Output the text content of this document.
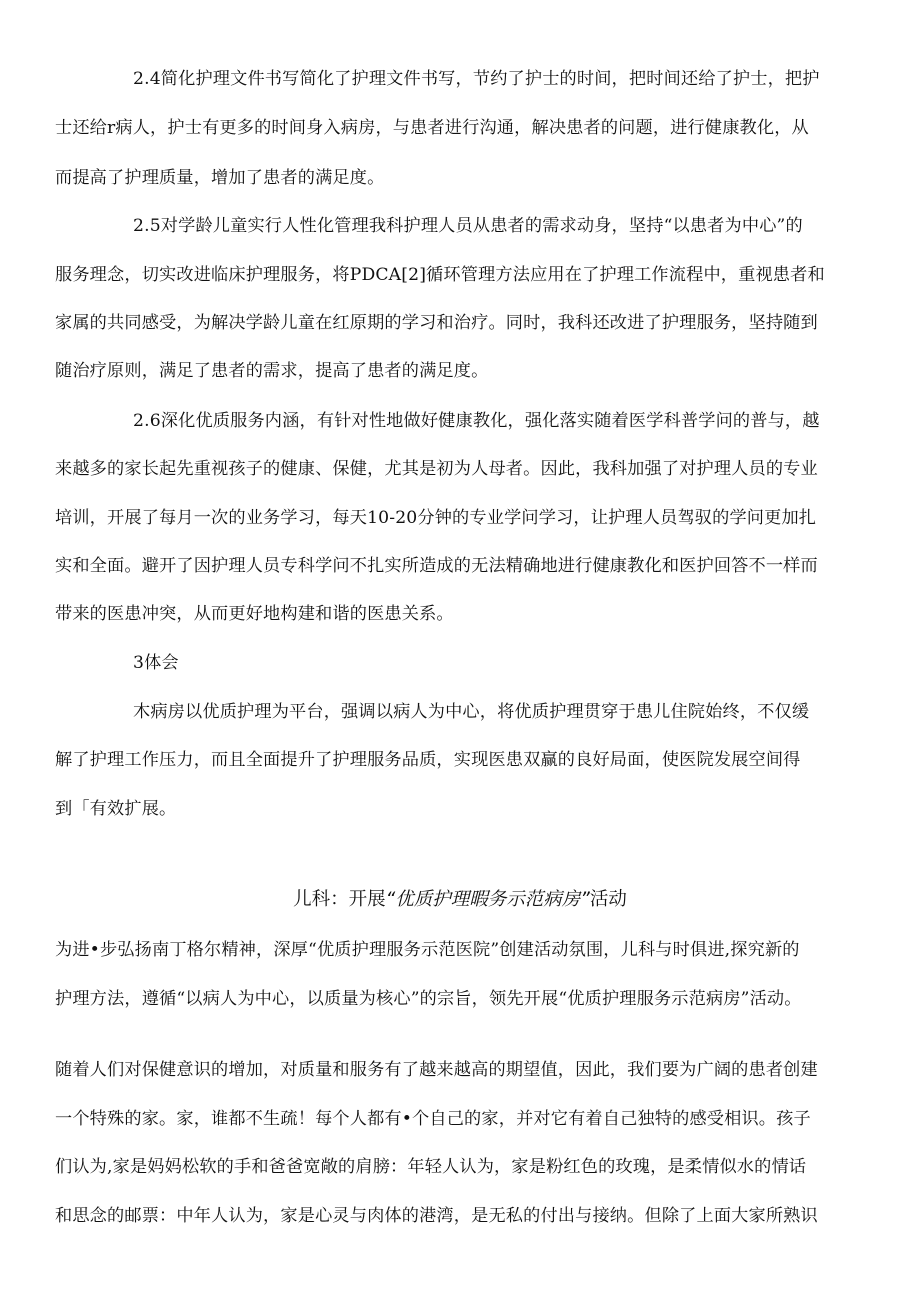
2.4简化护理文件书写简化了护理文件书写，节约了护士的时间，把时间还给了护士，把护
士还给r病人，护士有更多的时间身入病房，与患者进行沟通，解决患者的问题，进行健康教化，从
而提高了护理质量，增加了患者的满足度。
2.5对学龄儿童实行人性化管理我科护理人员从患者的需求动身，坚持“以患者为中心”的
服务理念，切实改进临床护理服务，将PDCA[2]循环管理方法应用在了护理工作流程中，重视患者和
家属的共同感受，为解决学龄儿童在红原期的学习和治疗。同时，我科还改进了护理服务，坚持随到
随治疗原则，满足了患者的需求，提高了患者的满足度。
2.6深化优质服务内涵，有针对性地做好健康教化，强化落实随着医学科普学问的普与，越
来越多的家长起先重视孩子的健康、保健，尤其是初为人母者。因此，我科加强了对护理人员的专业
培训，开展了每月一次的业务学习，每天10-20分钟的专业学问学习，让护理人员驾驭的学问更加扎
实和全面。避开了因护理人员专科学问不扎实所造成的无法精确地进行健康教化和医护回答不一样而
带来的医患冲突，从而更好地构建和谐的医患关系。
3体会
木病房以优质护理为平台，强调以病人为中心，将优质护理贯穿于患儿住院始终，不仅缓
解了护理工作压力，而且全面提升了护理服务品质，实现医患双赢的良好局面，使医院发展空间得
到「有效扩展。
儿科：开展“优质护理暇务示范病房”活动
为进•步弘扬南丁格尔精神，深厚“优质护理服务示范医院”创建活动氛围，儿科与时俱进,探究新的
护理方法，遵循“以病人为中心，以质量为核心”的宗旨，领先开展“优质护理服务示范病房”活动。
随着人们对保健意识的增加，对质量和服务有了越来越高的期望值，因此，我们要为广阔的患者创建
一个特殊的家。家，谁都不生疏！每个人都有•个自己的家，并对它有着自己独特的感受相识。孩子
们认为,家是妈妈松软的手和爸爸宽敞的肩膀：年轻人认为，家是粉红色的玫瑰，是柔情似水的情话
和思念的邮票：中年人认为，家是心灵与肉体的港湾，是无私的付出与接纳。但除了上面大家所熟识
